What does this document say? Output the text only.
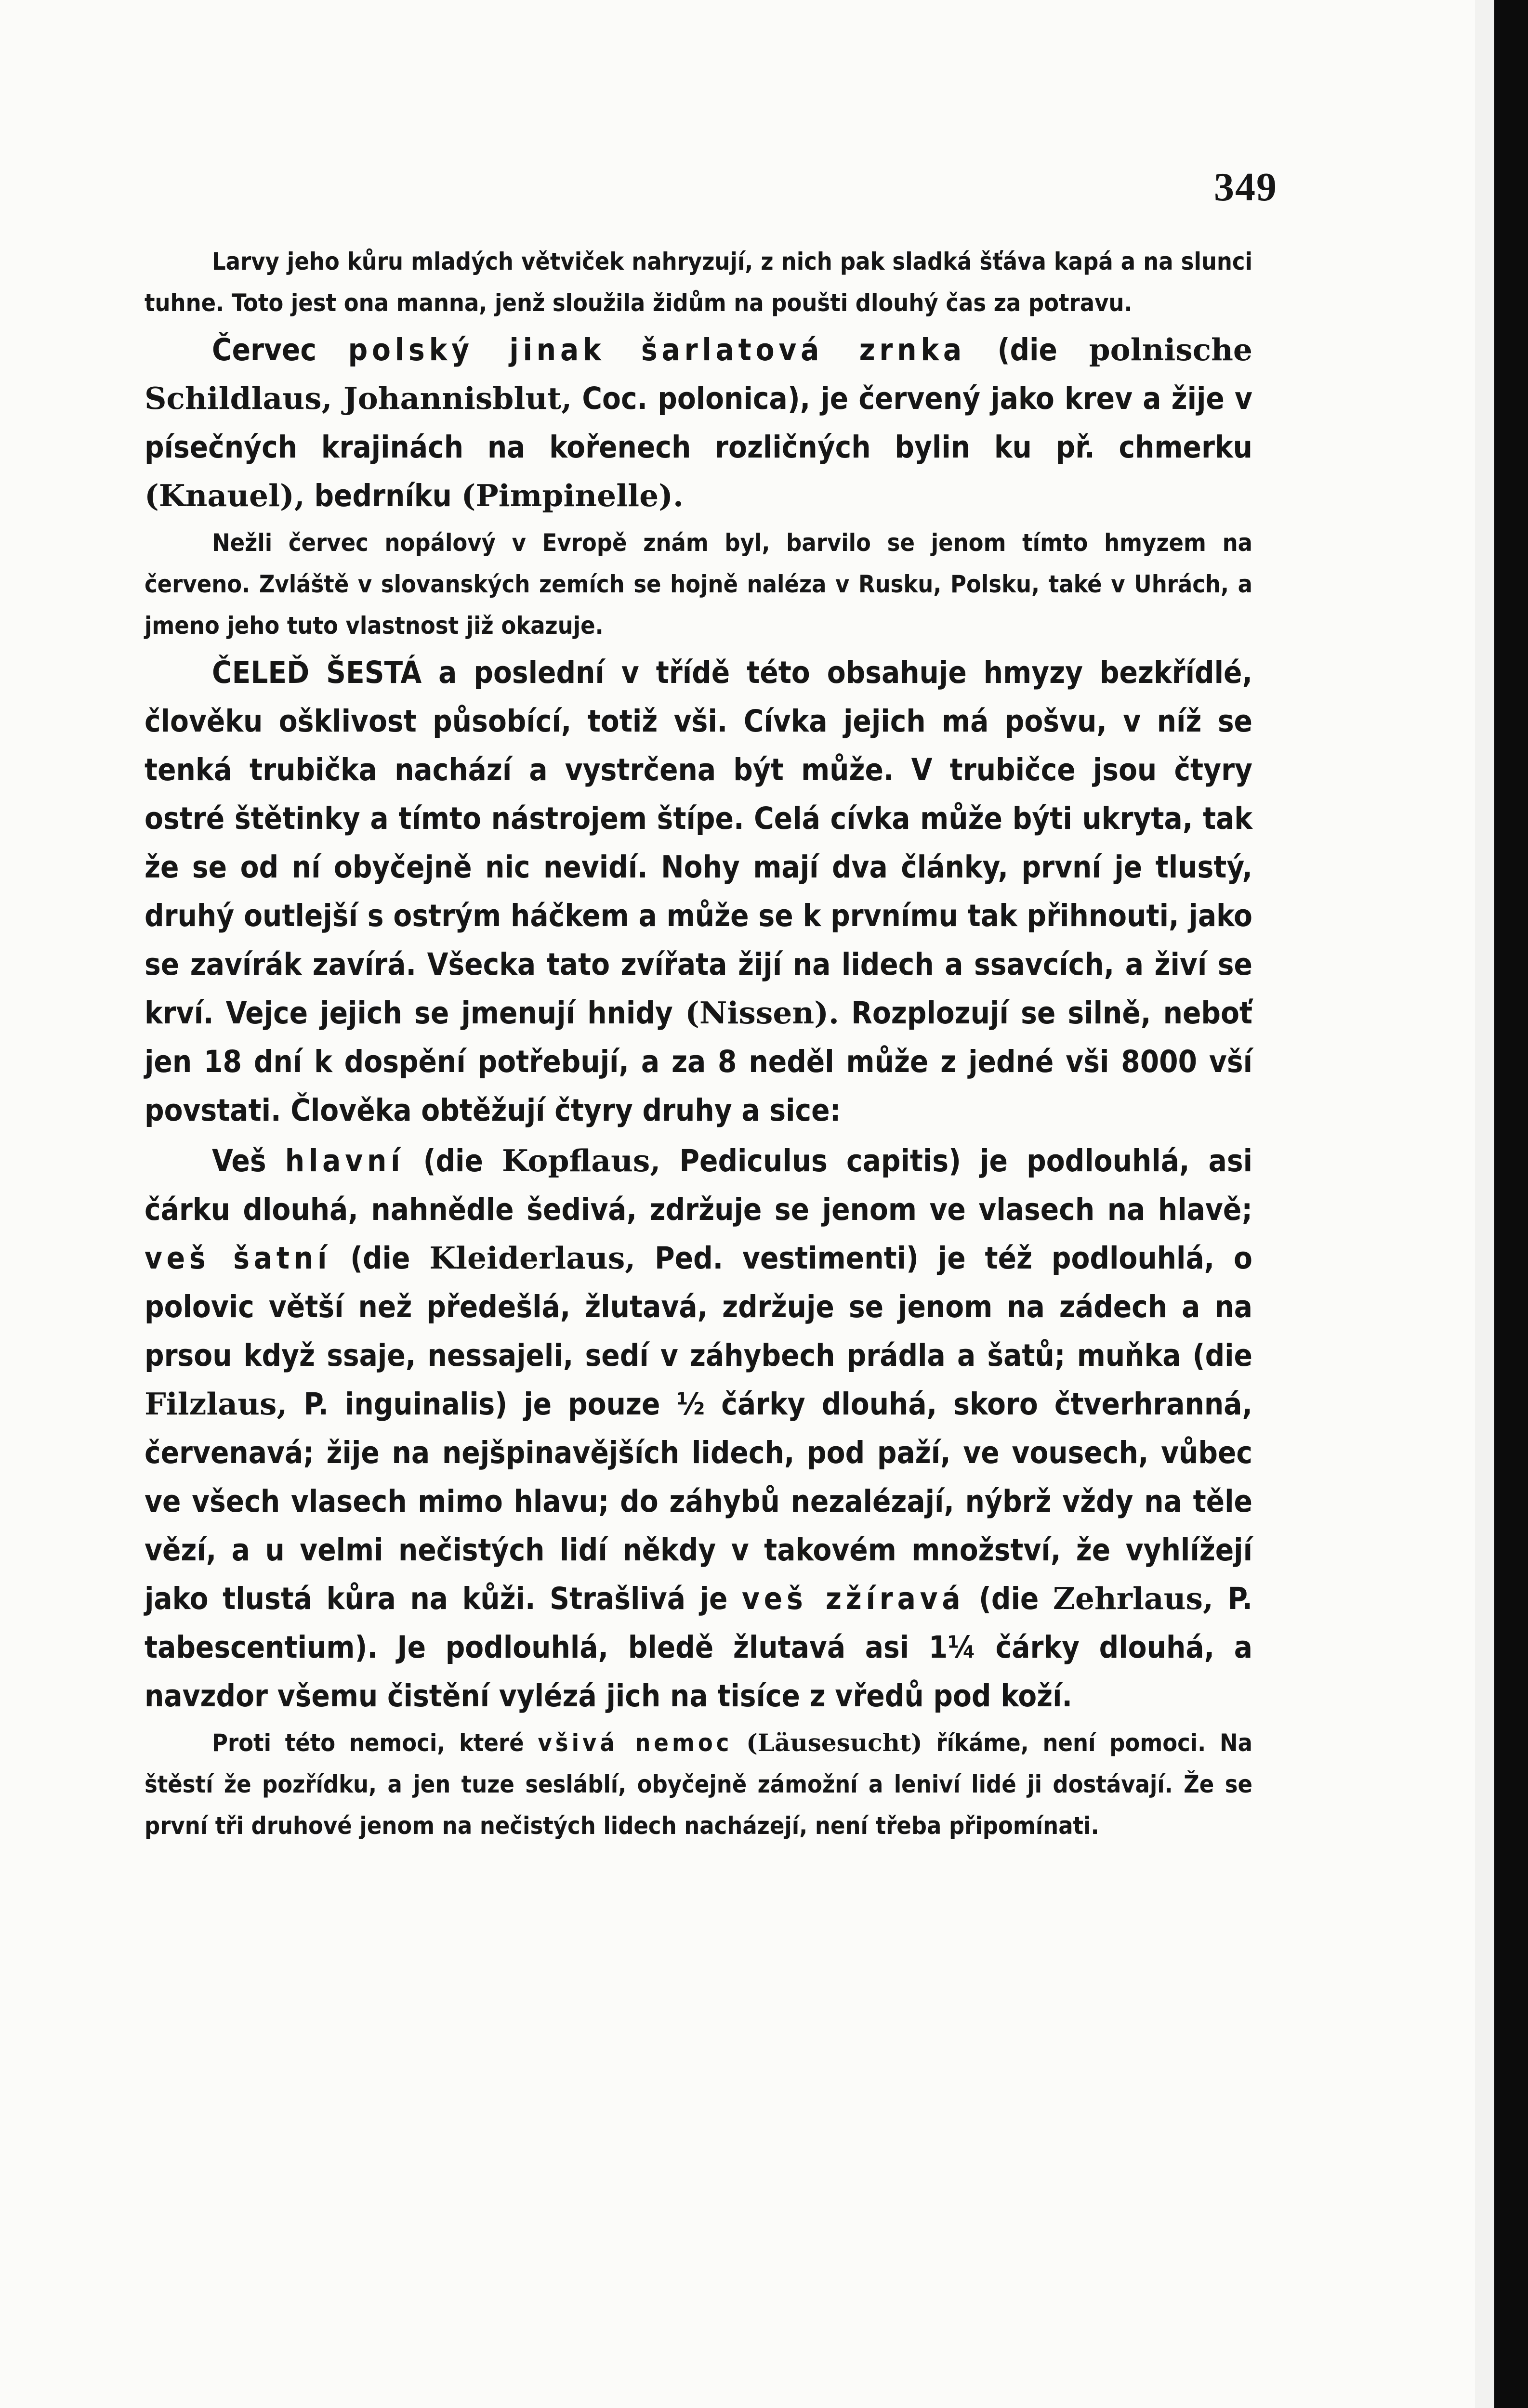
349

Larvy jeho kůru mladých větviček nahryzují, z nich pak sladká šťáva kapá a na slunci tuhne. Toto jest ona manna, jenž sloužila židům na poušti dlouhý čas za potravu.

Červec polský jinak šarlatová zrnka (die polnische Schildlaus, Johannisblut, Coc. polonica), je červený jako krev a žije v písečných krajinách na kořenech rozličných bylin ku př. chmerku (Knauel), bedrníku (Pimpinelle).

Nežli červec nopálový v Evropě znám byl, barvilo se jenom tímto hmyzem na červeno. Zvláště v slovanských zemích se hojně naléza v Rusku, Polsku, také v Uhrách, a jmeno jeho tuto vlastnost již okazuje.

ČELEĎ ŠESTÁ a poslední v třídě této obsahuje hmyzy bezkřídlé, člověku ošklivost působící, totiž vši. Cívka jejich má pošvu, v níž se tenká trubička nachází a vystrčena být může. V trubičce jsou čtyry ostré štětinky a tímto nástrojem štípe. Celá cívka může býti ukryta, tak že se od ní obyčejně nic nevidí. Nohy mají dva články, první je tlustý, druhý outlejší s ostrým háčkem a může se k prvnímu tak přihnouti, jako se zavírák zavírá. Všecka tato zvířata žijí na lidech a ssavcích, a živí se krví. Vejce jejich se jmenují hnidy (Nissen). Rozplozují se silně, neboť jen 18 dní k dospění potřebují, a za 8 neděl může z jedné vši 8000 vší povstati. Člověka obtěžují čtyry druhy a sice:

Veš hlavní (die Kopflaus, Pediculus capitis) je podlouhlá, asi čárku dlouhá, nahnědle šedivá, zdržuje se jenom ve vlasech na hlavě; veš šatní (die Kleiderlaus, Ped. vestimenti) je též podlouhlá, o polovic větší než předešlá, žlutavá, zdržuje se jenom na zádech a na prsou když ssaje, nessajeli, sedí v záhybech prádla a šatů; muňka (die Filzlaus, P. inguinalis) je pouze ½ čárky dlouhá, skoro čtverhranná, červenavá; žije na nejšpinavějších lidech, pod paží, ve vousech, vůbec ve všech vlasech mimo hlavu; do záhybů nezalézají, nýbrž vždy na těle vězí, a u velmi nečistých lidí někdy v takovém množství, že vyhlížejí jako tlustá kůra na kůži. Strašlivá je veš zžíravá (die Zehrlaus, P. tabescentium). Je podlouhlá, bledě žlutavá asi 1¼ čárky dlouhá, a navzdor všemu čistění vylézá jich na tisíce z vředů pod koží.

Proti této nemoci, které všivá nemoc (Läusesucht) říkáme, není pomoci. Na štěstí že pozřídku, a jen tuze sesláblí, obyčejně zámožní a leniví lidé ji dostávají. Že se první tři druhové jenom na nečistých lidech nacházejí, není třeba připomínati.
